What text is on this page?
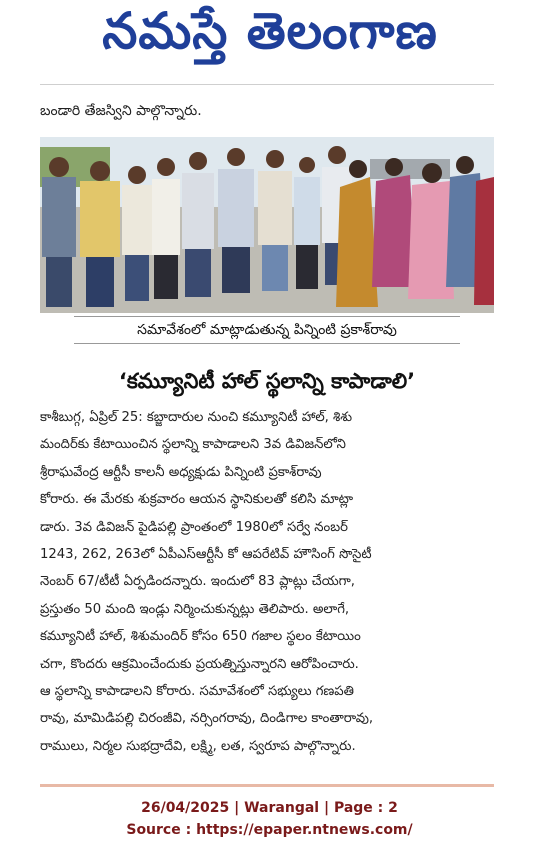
నమస్తే తెలంగాణ
బండారి తేజస్విని పాల్గొన్నారు.
సమావేశంలో మాట్లాడుతున్న పిన్నింటి ప్రకాశ్‌రావు
‘కమ్యూనిటీ హాల్ స్థలాన్ని కాపాడాలి’
కాశీబుగ్గ, ఏప్రిల్ 25: కబ్జాదారుల నుంచి కమ్యూనిటీ హాల్, శిశు
మందిర్‌కు కేటాయించిన స్థలాన్ని కాపాడాలని 3వ డివిజన్‌లోని
శ్రీరాఘవేంద్ర ఆర్టీసీ కాలనీ అధ్యక్షుడు పిన్నింటి ప్రకాశ్‌రావు
కోరారు. ఈ మేరకు శుక్రవారం ఆయన స్థానికులతో కలిసి మాట్లా
డారు. 3వ డివిజన్ పైడిపల్లి ప్రాంతంలో 1980లో సర్వే నంబర్
1243, 262, 263లో ఏపీఎస్‌ఆర్టీసీ కో ఆపరేటివ్ హౌసింగ్ సొసైటీ
నెంబర్ 67/టీటీ ఏర్పడిందన్నారు. ఇందులో 83 ప్లాట్లు చేయగా,
ప్రస్తుతం 50 మంది ఇండ్లు నిర్మించుకున్నట్లు తెలిపారు. అలాగే,
కమ్యూనిటీ హాల్, శిశుమందిర్ కోసం 650 గజాల స్థలం కేటాయిం
చగా, కొందరు ఆక్రమించేందుకు ప్రయత్నిస్తున్నారని ఆరోపించారు.
ఆ స్థలాన్ని కాపాడాలని కోరారు. సమావేశంలో సభ్యులు గణపతి
రావు, మామిడిపల్లి చిరంజీవి, నర్సింగరావు, దిండిగాల కాంతారావు,
రాములు, నిర్మల సుభద్రాదేవి, లక్ష్మి, లత, స్వరూప పాల్గొన్నారు.
26/04/2025 | Warangal | Page : 2
Source : https://epaper.ntnews.com/
